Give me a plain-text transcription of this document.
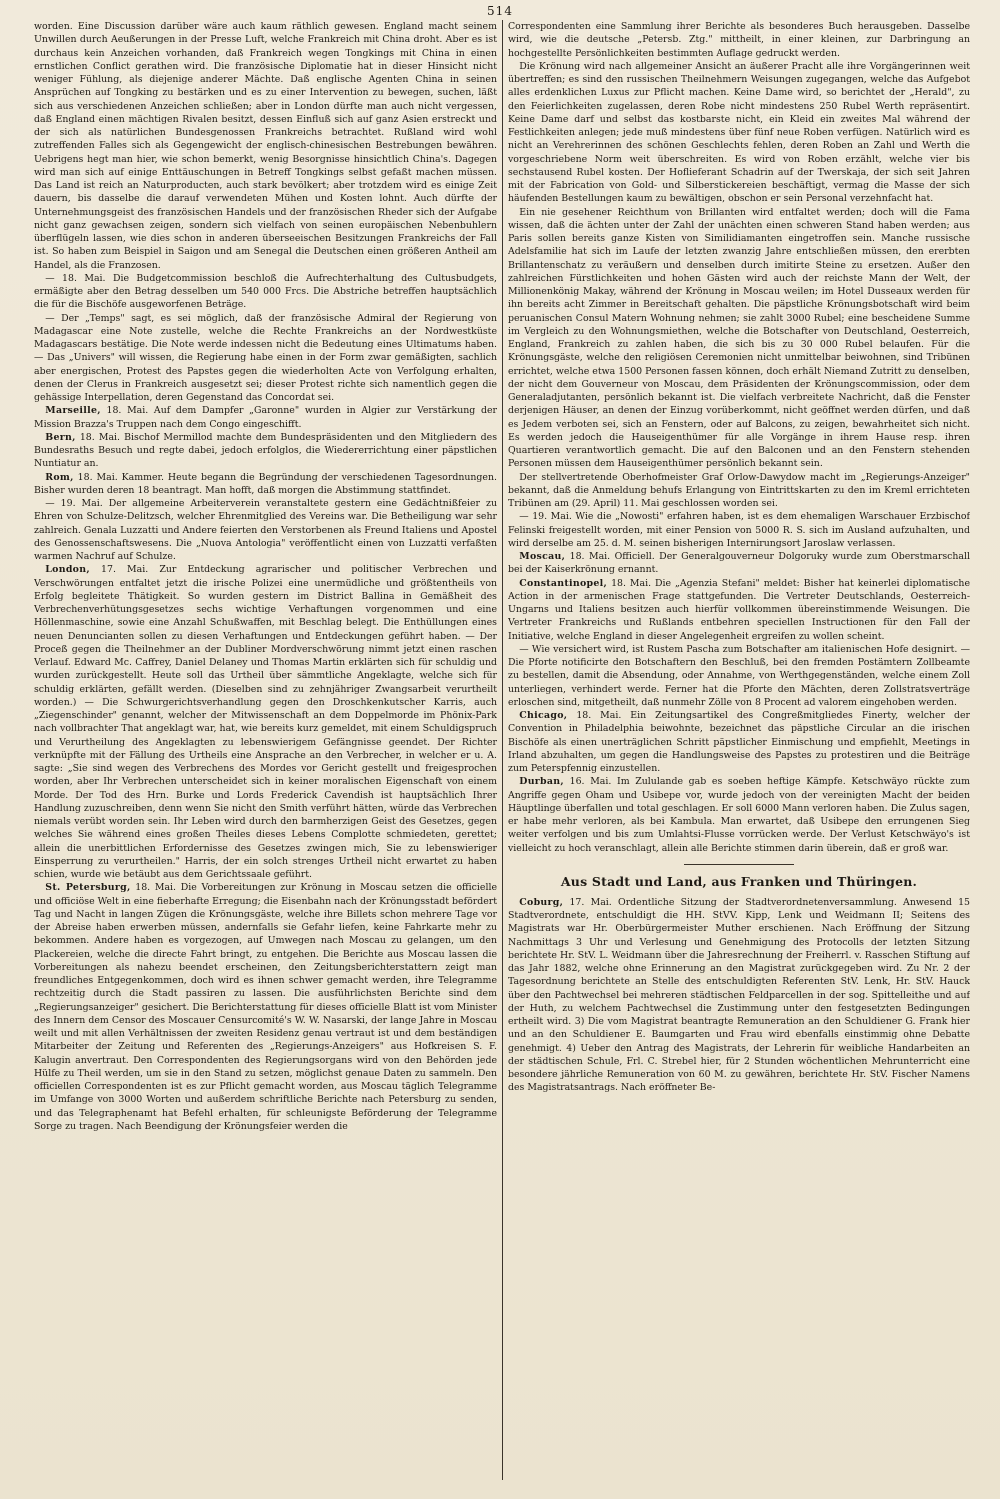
514

worden. Eine Discussion darüber wäre auch kaum räthlich gewesen. England macht seinem Unwillen durch Aeußerungen in der Presse Luft, welche Frankreich mit China droht. Aber es ist durchaus kein Anzeichen vorhanden, daß Frankreich wegen Tongkings mit China in einen ernstlichen Conflict gerathen wird. Die französische Diplomatie hat in dieser Hinsicht nicht weniger Fühlung, als diejenige anderer Mächte. Daß englische Agenten China in seinen Ansprüchen auf Tongking zu bestärken und es zu einer Intervention zu bewegen, suchen, läßt sich aus verschiedenen Anzeichen schließen; aber in London dürfte man auch nicht vergessen, daß England einen mächtigen Rivalen besitzt, dessen Einfluß sich auf ganz Asien erstreckt und der sich als natürlichen Bundesgenossen Frankreichs betrachtet. Rußland wird wohl zutreffenden Falles sich als Gegengewicht der englisch-chinesischen Bestrebungen bewähren. Uebrigens hegt man hier, wie schon bemerkt, wenig Besorgnisse hinsichtlich China's. Dagegen wird man sich auf einige Enttäuschungen in Betreff Tongkings selbst gefaßt machen müssen. Das Land ist reich an Naturproducten, auch stark bevölkert; aber trotzdem wird es einige Zeit dauern, bis dasselbe die darauf verwendeten Mühen und Kosten lohnt. Auch dürfte der Unternehmungsgeist des französischen Handels und der französischen Rheder sich der Aufgabe nicht ganz gewachsen zeigen, sondern sich vielfach von seinen europäischen Nebenbuhlern überflügeln lassen, wie dies schon in anderen überseeischen Besitzungen Frankreichs der Fall ist. So haben zum Beispiel in Saigon und am Senegal die Deutschen einen größeren Antheil am Handel, als die Franzosen.

— 18. Mai. Die Budgetcommission beschloß die Aufrechterhaltung des Cultusbudgets, ermäßigte aber den Betrag desselben um 540 000 Frcs. Die Abstriche betreffen hauptsächlich die für die Bischöfe ausgeworfenen Beträge.

— Der „Temps" sagt, es sei möglich, daß der französische Admiral der Regierung von Madagascar eine Note zustelle, welche die Rechte Frankreichs an der Nordwestküste Madagascars bestätige. Die Note werde indessen nicht die Bedeutung eines Ultimatums haben. — Das „Univers" will wissen, die Regierung habe einen in der Form zwar gemäßigten, sachlich aber energischen, Protest des Papstes gegen die wiederholten Acte von Verfolgung erhalten, denen der Clerus in Frankreich ausgesetzt sei; dieser Protest richte sich namentlich gegen die gehässige Interpellation, deren Gegenstand das Concordat sei.

Marseille, 18. Mai. Auf dem Dampfer „Garonne" wurden in Algier zur Verstärkung der Mission Brazza's Truppen nach dem Congo eingeschifft.

Bern, 18. Mai. Bischof Mermillod machte dem Bundespräsidenten und den Mitgliedern des Bundesraths Besuch und regte dabei, jedoch erfolglos, die Wiedererrichtung einer päpstlichen Nuntiatur an.

Rom, 18. Mai. Kammer. Heute begann die Begründung der verschiedenen Tagesordnungen. Bisher wurden deren 18 beantragt. Man hofft, daß morgen die Abstimmung stattfindet.

— 19. Mai. Der allgemeine Arbeiterverein veranstaltete gestern eine Gedächtnißfeier zu Ehren von Schulze-Delitzsch, welcher Ehrenmitglied des Vereins war. Die Betheiligung war sehr zahlreich. Genala Luzzatti und Andere feierten den Verstorbenen als Freund Italiens und Apostel des Genossenschaftswesens. Die „Nuova Antologia" veröffentlicht einen von Luzzatti verfaßten warmen Nachruf auf Schulze.

London, 17. Mai. Zur Entdeckung agrarischer und politischer Verbrechen und Verschwörungen entfaltet jetzt die irische Polizei eine unermüdliche und größtentheils von Erfolg begleitete Thätigkeit. So wurden gestern im District Ballina in Gemäßheit des Verbrechenverhütungsgesetzes sechs wichtige Verhaftungen vorgenommen und eine Höllenmaschine, sowie eine Anzahl Schußwaffen, mit Beschlag belegt. Die Enthüllungen eines neuen Denuncianten sollen zu diesen Verhaftungen und Entdeckungen geführt haben. — Der Proceß gegen die Theilnehmer an der Dubliner Mordverschwörung nimmt jetzt einen raschen Verlauf. Edward Mc. Caffrey, Daniel Delaney und Thomas Martin erklärten sich für schuldig und wurden zurückgestellt. Heute soll das Urtheil über sämmtliche Angeklagte, welche sich für schuldig erklärten, gefällt werden. (Dieselben sind zu zehnjähriger Zwangsarbeit verurtheilt worden.) — Die Schwurgerichtsverhandlung gegen den Droschkenkutscher Karris, auch „Ziegenschinder" genannt, welcher der Mitwissenschaft an dem Doppelmorde im Phönix-Park nach vollbrachter That angeklagt war, hat, wie bereits kurz gemeldet, mit einem Schuldigspruch und Verurtheilung des Angeklagten zu lebenswierigem Gefängnisse geendet. Der Richter verknüpfte mit der Fällung des Urtheils eine Ansprache an den Verbrecher, in welcher er u. A. sagte: „Sie sind wegen des Verbrechens des Mordes vor Gericht gestellt und freigesprochen worden, aber Ihr Verbrechen unterscheidet sich in keiner moralischen Eigenschaft von einem Morde. Der Tod des Hrn. Burke und Lords Frederick Cavendish ist hauptsächlich Ihrer Handlung zuzuschreiben, denn wenn Sie nicht den Smith verführt hätten, würde das Verbrechen niemals verübt worden sein. Ihr Leben wird durch den barmherzigen Geist des Gesetzes, gegen welches Sie während eines großen Theiles dieses Lebens Complotte schmiedeten, gerettet; allein die unerbittlichen Erfordernisse des Gesetzes zwingen mich, Sie zu lebenswieriger Einsperrung zu verurtheilen." Harris, der ein solch strenges Urtheil nicht erwartet zu haben schien, wurde wie betäubt aus dem Gerichtssaale geführt.

St. Petersburg, 18. Mai. Die Vorbereitungen zur Krönung in Moscau setzen die officielle und officiöse Welt in eine fieberhafte Erregung; die Eisenbahn nach der Krönungsstadt befördert Tag und Nacht in langen Zügen die Krönungsgäste, welche ihre Billets schon mehrere Tage vor der Abreise haben erwerben müssen, andernfalls sie Gefahr liefen, keine Fahrkarte mehr zu bekommen. Andere haben es vorgezogen, auf Umwegen nach Moscau zu gelangen, um den Plackereien, welche die directe Fahrt bringt, zu entgehen. Die Berichte aus Moscau lassen die Vorbereitungen als nahezu beendet erscheinen, den Zeitungsberichterstattern zeigt man freundliches Entgegenkommen, doch wird es ihnen schwer gemacht werden, ihre Telegramme rechtzeitig durch die Stadt passiren zu lassen. Die ausführlichsten Berichte sind dem „Regierungsanzeiger" gesichert. Die Berichterstattung für dieses officielle Blatt ist vom Minister des Innern dem Censor des Moscauer Censurcomité's W. W. Nasarski, der lange Jahre in Moscau weilt und mit allen Verhältnissen der zweiten Residenz genau vertraut ist und dem beständigen Mitarbeiter der Zeitung und Referenten des „Regierungs-Anzeigers" aus Hofkreisen S. F. Kalugin anvertraut. Den Correspondenten des Regierungsorgans wird von den Behörden jede Hülfe zu Theil werden, um sie in den Stand zu setzen, möglichst genaue Daten zu sammeln. Den officiellen Correspondenten ist es zur Pflicht gemacht worden, aus Moscau täglich Telegramme im Umfange von 3000 Worten und außerdem schriftliche Berichte nach Petersburg zu senden, und das Telegraphenamt hat Befehl erhalten, für schleunigste Beförderung der Telegramme Sorge zu tragen. Nach Beendigung der Krönungsfeier werden die

Correspondenten eine Sammlung ihrer Berichte als besonderes Buch herausgeben. Dasselbe wird, wie die deutsche „Petersb. Ztg." mittheilt, in einer kleinen, zur Darbringung an hochgestellte Persönlichkeiten bestimmten Auflage gedruckt werden.

Die Krönung wird nach allgemeiner Ansicht an äußerer Pracht alle ihre Vorgängerinnen weit übertreffen; es sind den russischen Theilnehmern Weisungen zugegangen, welche das Aufgebot alles erdenklichen Luxus zur Pflicht machen. Keine Dame wird, so berichtet der „Herald", zu den Feierlichkeiten zugelassen, deren Robe nicht mindestens 250 Rubel Werth repräsentirt. Keine Dame darf und selbst das kostbarste nicht, ein Kleid ein zweites Mal während der Festlichkeiten anlegen; jede muß mindestens über fünf neue Roben verfügen. Natürlich wird es nicht an Verehrerinnen des schönen Geschlechts fehlen, deren Roben an Zahl und Werth die vorgeschriebene Norm weit überschreiten. Es wird von Roben erzählt, welche vier bis sechstausend Rubel kosten. Der Hoflieferant Schadrin auf der Twerskaja, der sich seit Jahren mit der Fabrication von Gold- und Silberstickereien beschäftigt, vermag die Masse der sich häufenden Bestellungen kaum zu bewältigen, obschon er sein Personal verzehnfacht hat.

Ein nie gesehener Reichthum von Brillanten wird entfaltet werden; doch will die Fama wissen, daß die ächten unter der Zahl der unächten einen schweren Stand haben werden; aus Paris sollen bereits ganze Kisten von Similidiamanten eingetroffen sein. Manche russische Adelsfamilie hat sich im Laufe der letzten zwanzig Jahre entschließen müssen, den ererbten Brillantenschatz zu veräußern und denselben durch imitirte Steine zu ersetzen. Außer den zahlreichen Fürstlichkeiten und hohen Gästen wird auch der reichste Mann der Welt, der Millionenkönig Makay, während der Krönung in Moscau weilen; im Hotel Dusseaux werden für ihn bereits acht Zimmer in Bereitschaft gehalten. Die päpstliche Krönungsbotschaft wird beim peruanischen Consul Matern Wohnung nehmen; sie zahlt 3000 Rubel; eine bescheidene Summe im Vergleich zu den Wohnungsmiethen, welche die Botschafter von Deutschland, Oesterreich, England, Frankreich zu zahlen haben, die sich bis zu 30 000 Rubel belaufen. Für die Krönungsgäste, welche den religiösen Ceremonien nicht unmittelbar beiwohnen, sind Tribünen errichtet, welche etwa 1500 Personen fassen können, doch erhält Niemand Zutritt zu denselben, der nicht dem Gouverneur von Moscau, dem Präsidenten der Krönungscommission, oder dem Generaladjutanten, persönlich bekannt ist. Die vielfach verbreitete Nachricht, daß die Fenster derjenigen Häuser, an denen der Einzug vorüberkommt, nicht geöffnet werden dürfen, und daß es Jedem verboten sei, sich an Fenstern, oder auf Balcons, zu zeigen, bewahrheitet sich nicht. Es werden jedoch die Hauseigenthümer für alle Vorgänge in ihrem Hause resp. ihren Quartieren verantwortlich gemacht. Die auf den Balconen und an den Fenstern stehenden Personen müssen dem Hauseigenthümer persönlich bekannt sein.

Der stellvertretende Oberhofmeister Graf Orlow-Dawydow macht im „Regierungs-Anzeiger" bekannt, daß die Anmeldung behufs Erlangung von Eintrittskarten zu den im Kreml errichteten Tribünen am (29. April) 11. Mai geschlossen worden sei.

— 19. Mai. Wie die „Nowosti" erfahren haben, ist es dem ehemaligen Warschauer Erzbischof Felinski freigestellt worden, mit einer Pension von 5000 R. S. sich im Ausland aufzuhalten, und wird derselbe am 25. d. M. seinen bisherigen Internirungsort Jaroslaw verlassen.

Moscau, 18. Mai. Officiell. Der Generalgouverneur Dolgoruky wurde zum Oberstmarschall bei der Kaiserkrönung ernannt.

Constantinopel, 18. Mai. Die „Agenzia Stefani" meldet: Bisher hat keinerlei diplomatische Action in der armenischen Frage stattgefunden. Die Vertreter Deutschlands, Oesterreich-Ungarns und Italiens besitzen auch hierfür vollkommen übereinstimmende Weisungen. Die Vertreter Frankreichs und Rußlands entbehren speciellen Instructionen für den Fall der Initiative, welche England in dieser Angelegenheit ergreifen zu wollen scheint.

— Wie versichert wird, ist Rustem Pascha zum Botschafter am italienischen Hofe designirt. — Die Pforte notificirte den Botschaftern den Beschluß, bei den fremden Postämtern Zollbeamte zu bestellen, damit die Absendung, oder Annahme, von Werthgegenständen, welche einem Zoll unterliegen, verhindert werde. Ferner hat die Pforte den Mächten, deren Zollstratsverträge erloschen sind, mitgetheilt, daß nunmehr Zölle von 8 Procent ad valorem eingehoben werden.

Chicago, 18. Mai. Ein Zeitungsartikel des Congreßmitgliedes Finerty, welcher der Convention in Philadelphia beiwohnte, bezeichnet das päpstliche Circular an die irischen Bischöfe als einen unerträglichen Schritt päpstlicher Einmischung und empfiehlt, Meetings in Irland abzuhalten, um gegen die Handlungsweise des Papstes zu protestiren und die Beiträge zum Peterspfennig einzustellen.

Durban, 16. Mai. Im Zululande gab es soeben heftige Kämpfe. Ketschwäyo rückte zum Angriffe gegen Oham und Usibepe vor, wurde jedoch von der vereinigten Macht der beiden Häuptlinge überfallen und total geschlagen. Er soll 6000 Mann verloren haben. Die Zulus sagen, er habe mehr verloren, als bei Kambula. Man erwartet, daß Usibepe den errungenen Sieg weiter verfolgen und bis zum Umlahtsi-Flusse vorrücken werde. Der Verlust Ketschwäyo's ist vielleicht zu hoch veranschlagt, allein alle Berichte stimmen darin überein, daß er groß war.

Aus Stadt und Land, aus Franken und Thüringen.

Coburg, 17. Mai. Ordentliche Sitzung der Stadtverordnetenversammlung. Anwesend 15 Stadtverordnete, entschuldigt die HH. StVV. Kipp, Lenk und Weidmann II; Seitens des Magistrats war Hr. Oberbürgermeister Muther erschienen. Nach Eröffnung der Sitzung Nachmittags 3 Uhr und Verlesung und Genehmigung des Protocolls der letzten Sitzung berichtete Hr. StV. L. Weidmann über die Jahresrechnung der Freiherrl. v. Rasschen Stiftung auf das Jahr 1882, welche ohne Erinnerung an den Magistrat zurückgegeben wird. Zu Nr. 2 der Tagesordnung berichtete an Stelle des entschuldigten Referenten StV. Lenk, Hr. StV. Hauck über den Pachtwechsel bei mehreren städtischen Feldparcellen in der sog. Spittelleithe und auf der Huth, zu welchem Pachtwechsel die Zustimmung unter den festgesetzten Bedingungen ertheilt wird. 3) Die vom Magistrat beantragte Remuneration an den Schuldiener G. Frank hier und an den Schuldiener E. Baumgarten und Frau wird ebenfalls einstimmig ohne Debatte genehmigt. 4) Ueber den Antrag des Magistrats, der Lehrerin für weibliche Handarbeiten an der städtischen Schule, Frl. C. Strebel hier, für 2 Stunden wöchentlichen Mehrunterricht eine besondere jährliche Remuneration von 60 M. zu gewähren, berichtete Hr. StV. Fischer Namens des Magistratsantrags. Nach eröffneter Be-
